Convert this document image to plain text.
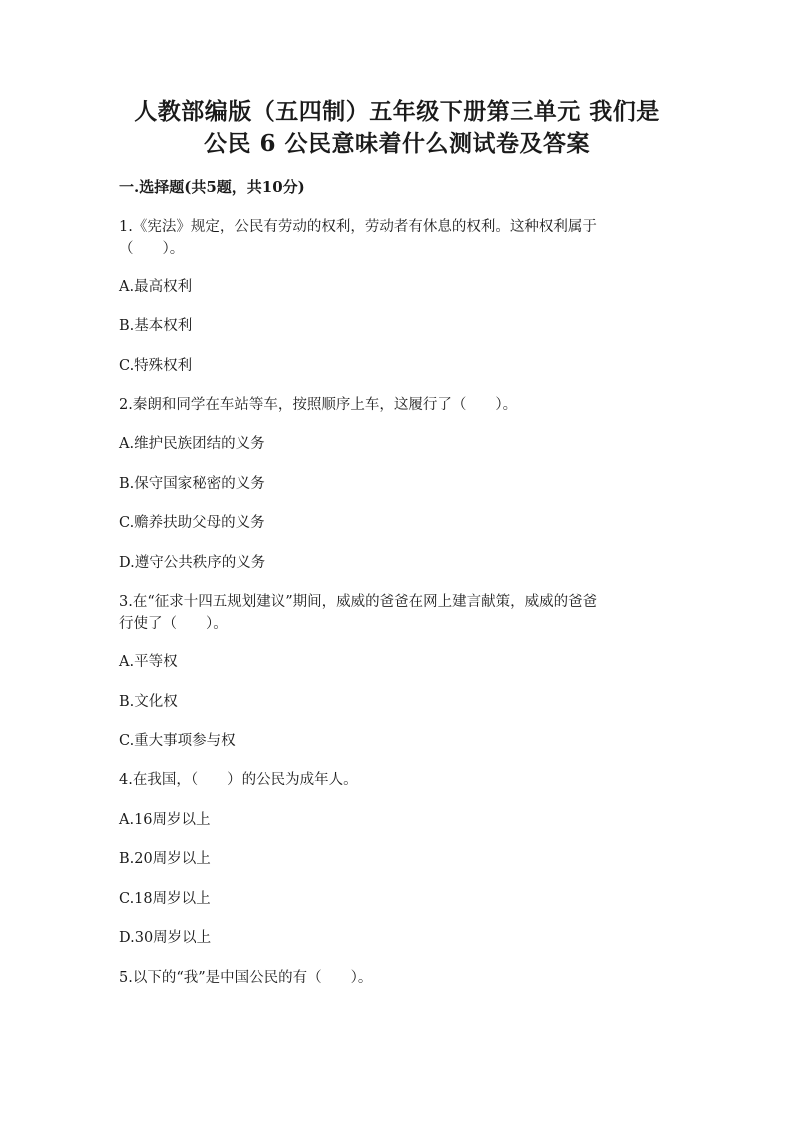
人教部编版（五四制）五年级下册第三单元 我们是
公民 6 公民意味着什么测试卷及答案
一.选择题(共5题，共10分)
1.《宪法》规定，公民有劳动的权利，劳动者有休息的权利。这种权利属于
（　　）。
A.最高权利
B.基本权利
C.特殊权利
2.秦朗和同学在车站等车，按照顺序上车，这履行了（　　）。
A.维护民族团结的义务
B.保守国家秘密的义务
C.赡养扶助父母的义务
D.遵守公共秩序的义务
3.在“征求十四五规划建议”期间，威威的爸爸在网上建言献策，威威的爸爸
行使了（　　）。
A.平等权
B.文化权
C.重大事项参与权
4.在我国，（　　）的公民为成年人。
A.16周岁以上
B.20周岁以上
C.18周岁以上
D.30周岁以上
5.以下的“我”是中国公民的有（　　）。
